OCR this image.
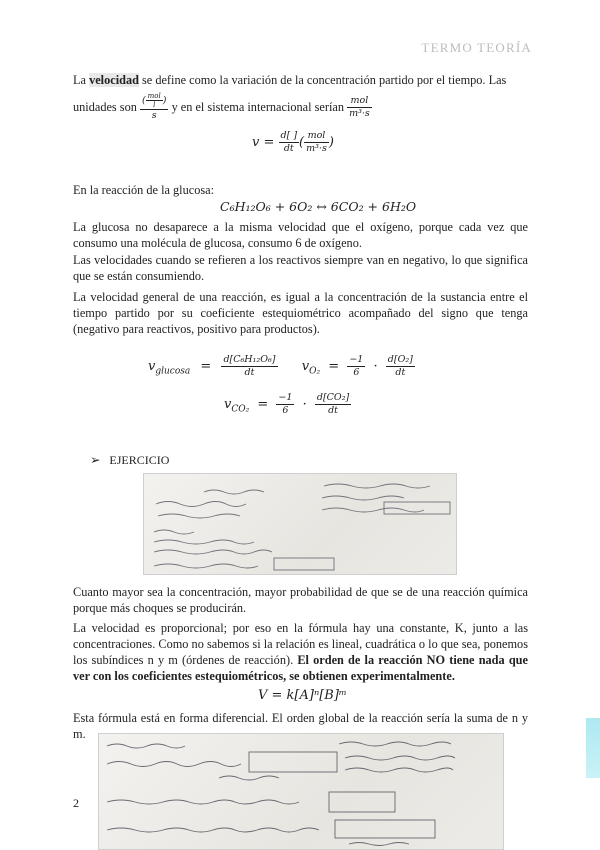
TERMO TEORÍA
La velocidad se define como la variación de la concentración partido por el tiempo. Las
unidades son $\frac{( \frac{\text{mol}}{l} )}{s}$ y en el sistema internacional serían $\frac{\text{mol}}{\text{m³·s}}$
$v = \frac{d[ ]}{dt}$ ( $\frac{\text{mol}}{\text{m³·s}}$ )
En la reacción de la glucosa:
C₆H₁₂O₆ + 6O₂ ↔ 6CO₂ + 6H₂O
La glucosa no desaparece a la misma velocidad que el oxígeno, porque cada vez que consumo una molécula de glucosa, consumo 6 de oxígeno.
Las velocidades cuando se refieren a los reactivos siempre van en negativo, lo que significa que se están consumiendo.
La velocidad general de una reacción, es igual a la concentración de la sustancia entre el tiempo partido por su coeficiente estequiométrico acompañado del signo que tenga (negativo para reactivos, positivo para productos).
$v_{glucosa} = \frac{\text{d[C₆H₁₂O₆]}}{dt} v_{O_2} = \frac{-1}{6} \cdot \frac{\text{d[O₂]}}{dt}$
$v_{CO_2} = \frac{-1}{6} \cdot \frac{\text{d[CO₂]}}{dt}$
➢ EJERCICIO
Cuanto mayor sea la concentración, mayor probabilidad de que se de una reacción química porque más choques se producirán.
La velocidad es proporcional; por eso en la fórmula hay una constante, K, junto a las concentraciones. Como no sabemos si la relación es lineal, cuadrática o lo que sea, ponemos los subíndices n y m (órdenes de reacción). El orden de la reacción NO tiene nada que ver con los coeficientes estequiométricos, se obtienen experimentalmente.
V = k[A]ⁿ[B]ᵐ
Esta fórmula está en forma diferencial. El orden global de la reacción sería la suma de n y m.
2
